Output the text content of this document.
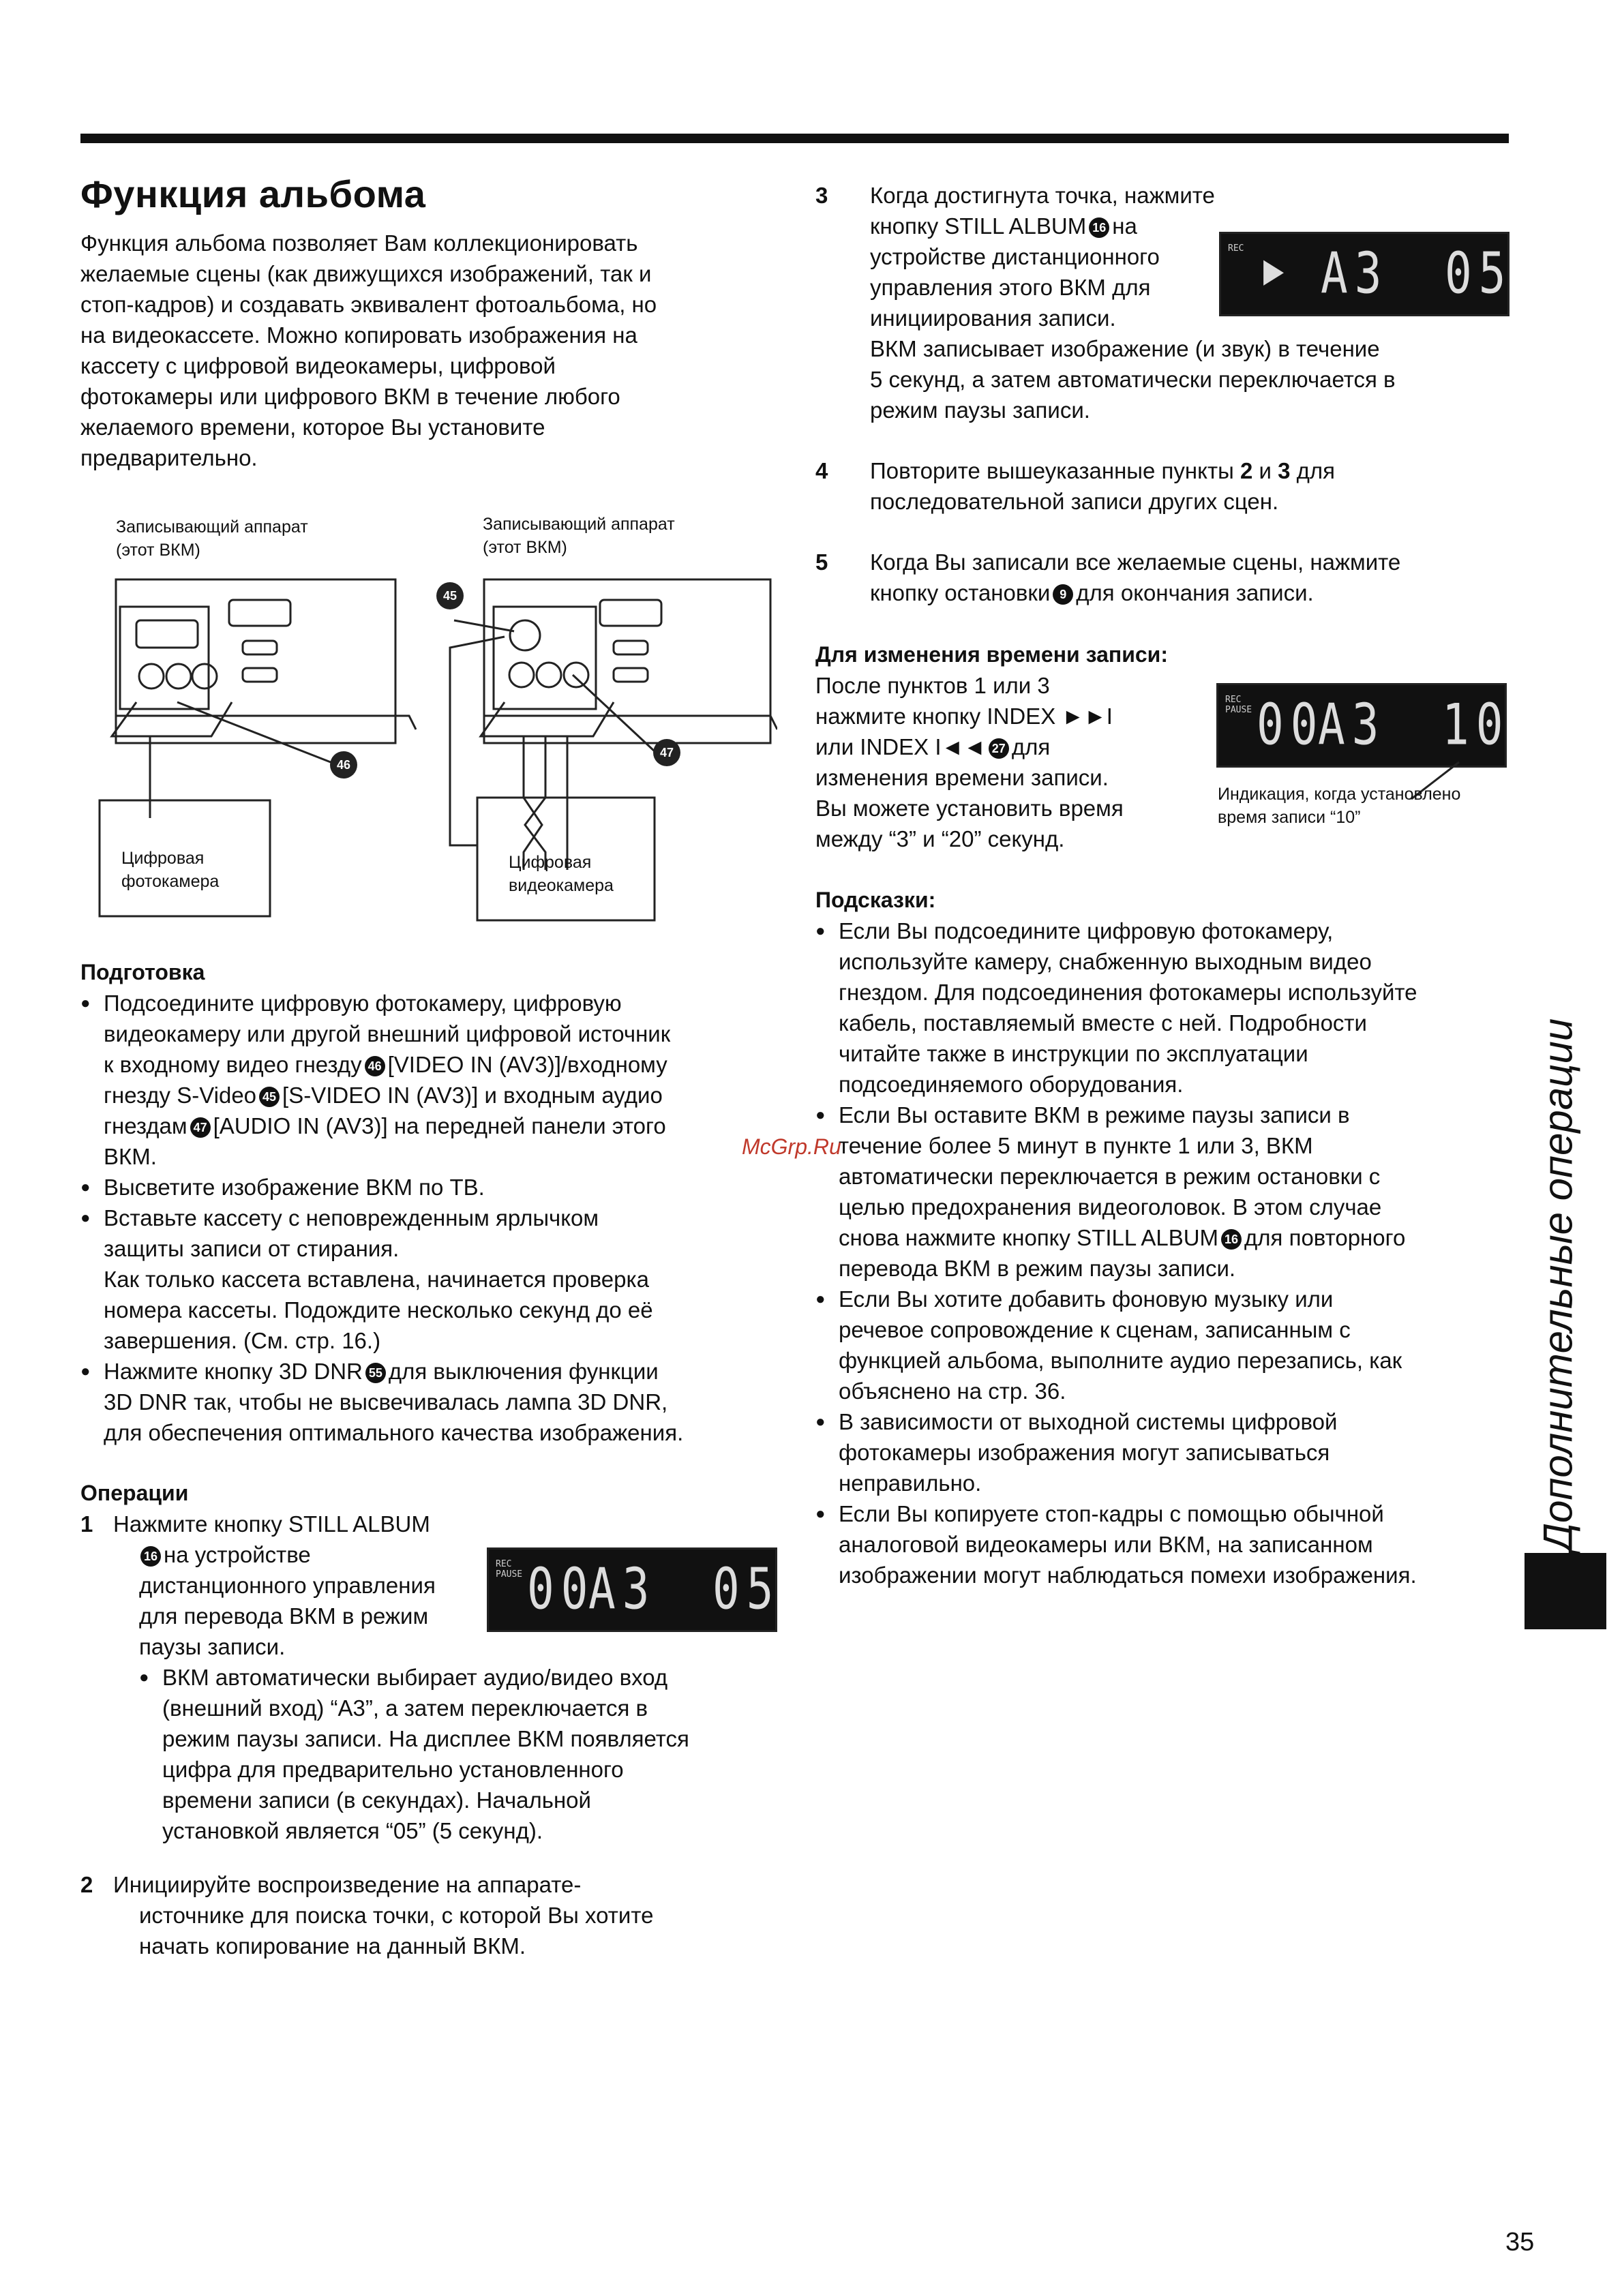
Функция альбома
Функция альбома позволяет Вам коллекционировать
желаемые сцены (как движущихся изображений, так и
стоп-кадров) и создавать эквивалент фотоальбома, но
на видеокассете. Можно копировать изображения на
кассету с цифровой видеокамеры, цифровой
фотокамеры или цифрового ВКМ в течение любого
желаемого времени, которое Вы установите
предварительно.
Записывающий аппарат
(этот ВКМ)
Записывающий аппарат
(этот ВКМ)
45
46
47
Цифровая
фотокамера
Цифровая
видеокамера
Подготовка
● Подсоедините цифровую фотокамеру, цифровую
видеокамеру или другой внешний цифровой источник
к входному видео гнезду 46 [VIDEO IN (AV3)]/входному
гнезду S-Video 45 [S-VIDEO IN (AV3)] и входным аудио
гнездам 47 [AUDIO IN (AV3)] на передней панели этого
ВКМ.
● Высветите изображение ВКМ по ТВ.
● Вставьте кассету с неповрежденным ярлычком
защиты записи от стирания.
Как только кассета вставлена, начинается проверка
номера кассеты. Подождите несколько секунд до её
завершения. (См. стр. 16.)
● Нажмите кнопку 3D DNR 55 для выключения функции
3D DNR так, чтобы не высвечивалась лампа 3D DNR,
для обеспечения оптимального качества изображения.
Операции
1 Нажмите кнопку STILL ALBUM
16 на устройстве
дистанционного управления
для перевода ВКМ в режим
паузы записи.
● ВКМ автоматически выбирает аудио/видео вход
(внешний вход) “A3”, а затем переключается в
режим паузы записи. На дисплее ВКМ появляется
цифра для предварительно установленного
времени записи (в секундах). Начальной
установкой является “05” (5 секунд).
2 Инициируйте воспроизведение на аппарате-
источнике для поиска точки, с которой Вы хотите
начать копирование на данный ВКМ.
REC
PAUSE 00
A3 05
3 Когда достигнута точка, нажмите
кнопку STILL ALBUM 16 на
устройстве дистанционного
управления этого ВКМ для
инициирования записи.
ВКМ записывает изображение (и звук) в течение
5 секунд, а затем автоматически переключается в
режим паузы записи.
REC ▶ A3 05
4 Повторите вышеуказанные пункты 2 и 3 для
последовательной записи других сцен.
5 Когда Вы записали все желаемые сцены, нажмите
кнопку остановки 9 для окончания записи.
Для изменения времени записи:
После пунктов 1 или 3
нажмите кнопку INDEX ►►I
или INDEX I◄◄ 27 для
изменения времени записи.
Вы можете установить время
между “3” и “20” секунд.
REC
PAUSE 00
A3 10
Индикация, когда установлено
время записи “10”
Подсказки:
● Если Вы подсоедините цифровую фотокамеру,
используйте камеру, снабженную выходным видео
гнездом. Для подсоединения фотокамеры используйте
кабель, поставляемый вместе с ней. Подробности
читайте также в инструкции по эксплуатации
подсоединяемого оборудования.
● Если Вы оставите ВКМ в режиме паузы записи в
течение более 5 минут в пункте 1 или 3, ВКМ
автоматически переключается в режим остановки с
целью предохранения видеоголовок. В этом случае
снова нажмите кнопку STILL ALBUM 16 для повторного
перевода ВКМ в режим паузы записи.
● Если Вы хотите добавить фоновую музыку или
речевое сопровождение к сценам, записанным с
функцией альбома, выполните аудио перезапись, как
объяснено на стр. 36.
● В зависимости от выходной системы цифровой
фотокамеры изображения могут записываться
неправильно.
● Если Вы копируете стоп-кадры с помощью обычной
аналоговой видеокамеры или ВКМ, на записанном
изображении могут наблюдаться помехи изображения.
Дополнительные операции
McGrp.Ru
35
